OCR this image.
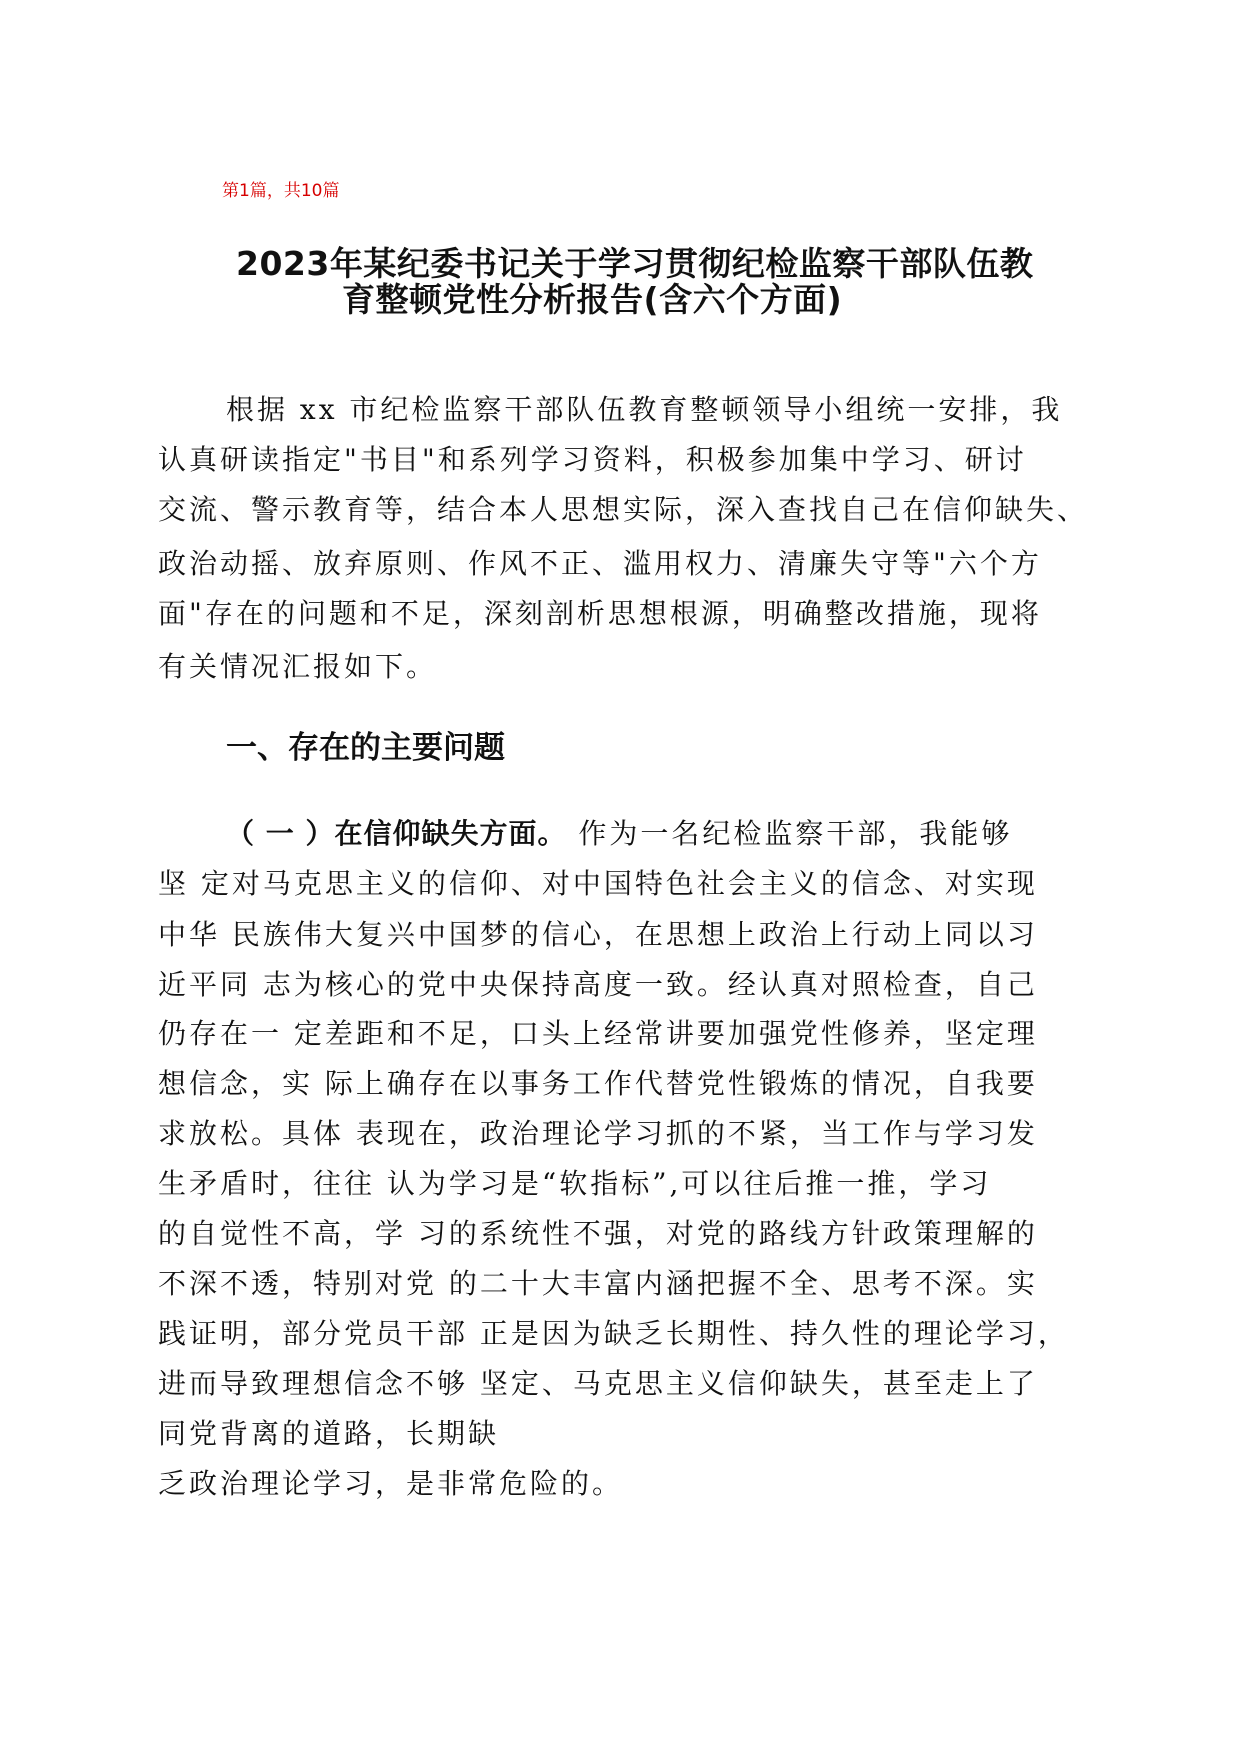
第1篇，共10篇
2023年某纪委书记关于学习贯彻纪检监察干部队伍教
育整顿党性分析报告(含六个方面)
根据 xx 市纪检监察干部队伍教育整顿领导小组统一安排，我
认真研读指定"书目"和系列学习资料，积极参加集中学习、研讨
交流、警示教育等，结合本人思想实际，深入查找自己在信仰缺失、
政治动摇、放弃原则、作风不正、滥用权力、清廉失守等"六个方
面"存在的问题和不足，深刻剖析思想根源，明确整改措施，现将
有关情况汇报如下。
一、存在的主要问题
（ 一 ）在信仰缺失方面。 作为一名纪检监察干部，我能够
坚 定对马克思主义的信仰、对中国特色社会主义的信念、对实现
中华 民族伟大复兴中国梦的信心，在思想上政治上行动上同以习
近平同 志为核心的党中央保持高度一致。经认真对照检查，自己
仍存在一 定差距和不足，口头上经常讲要加强党性修养，坚定理
想信念，实 际上确存在以事务工作代替党性锻炼的情况，自我要
求放松。具体 表现在，政治理论学习抓的不紧，当工作与学习发
生矛盾时，往往 认为学习是“软指标”,可以往后推一推，学习
的自觉性不高，学 习的系统性不强，对党的路线方针政策理解的
不深不透，特别对党 的二十大丰富内涵把握不全、思考不深。实
践证明，部分党员干部 正是因为缺乏长期性、持久性的理论学习，
进而导致理想信念不够 坚定、马克思主义信仰缺失，甚至走上了
同党背离的道路，长期缺
乏政治理论学习，是非常危险的。
